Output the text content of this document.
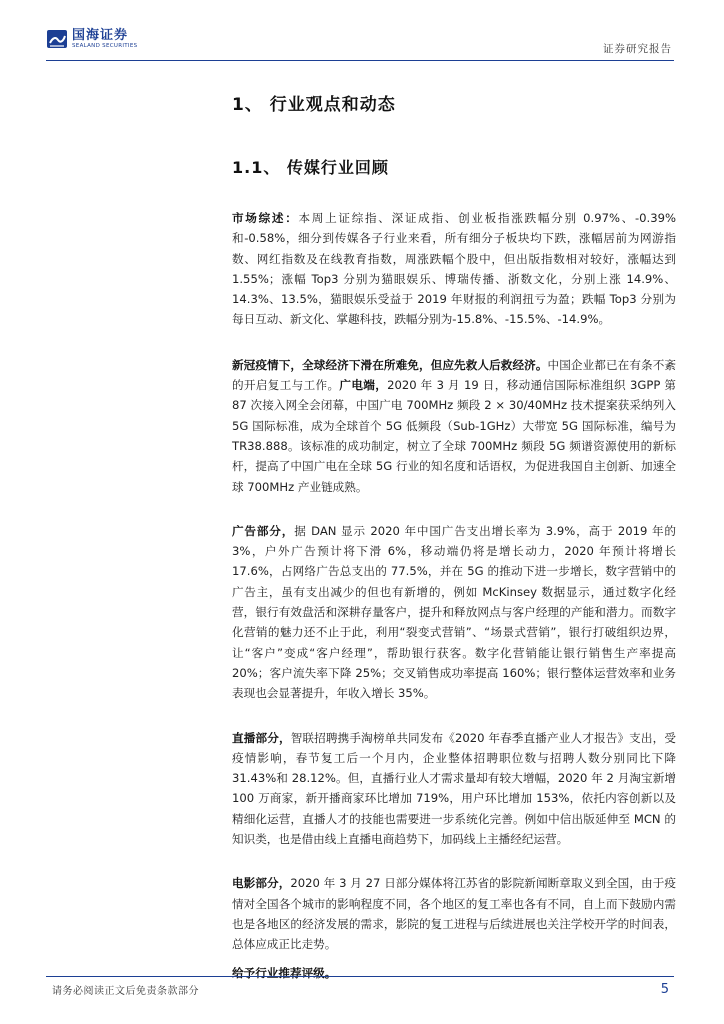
国海证券
SEALAND SECURITIES	证券研究报告
1、 行业观点和动态
1.1、 传媒行业回顾

市场综述：本周上证综指、深证成指、创业板指涨跌幅分别 0.97%、-0.39%和-0.58%，细分到传媒各子行业来看，所有细分子板块均下跌，涨幅居前为网游指数、网红指数及在线教育指数，周涨跌幅个股中，但出版指数相对较好，涨幅达到 1.55%；涨幅 Top3 分别为猫眼娱乐、博瑞传播、浙数文化，分别上涨 14.9%、14.3%、13.5%，猫眼娱乐受益于 2019 年财报的利润扭亏为盈；跌幅 Top3 分别为每日互动、新文化、掌趣科技，跌幅分别为-15.8%、-15.5%、-14.9%。

新冠疫情下，全球经济下滑在所难免，但应先救人后救经济。中国企业都已在有条不紊的开启复工与工作。广电端，2020 年 3 月 19 日，移动通信国际标准组织 3GPP 第 87 次接入网全会闭幕，中国广电 700MHz 频段 2 × 30/40MHz 技术提案获采纳列入 5G 国际标准，成为全球首个 5G 低频段（Sub-1GHz）大带宽 5G 国际标准，编号为 TR38.888。该标准的成功制定，树立了全球 700MHz 频段 5G 频谱资源使用的新标杆，提高了中国广电在全球 5G 行业的知名度和话语权，为促进我国自主创新、加速全球 700MHz 产业链成熟。

广告部分，据 DAN 显示 2020 年中国广告支出增长率为 3.9%，高于 2019 年的 3%，户外广告预计将下滑 6%，移动端仍将是增长动力，2020 年预计将增长 17.6%，占网络广告总支出的 77.5%，并在 5G 的推动下进一步增长，数字营销中的广告主，虽有支出减少的但也有新增的，例如 McKinsey 数据显示，通过数字化经营，银行有效盘活和深耕存量客户，提升和释放网点与客户经理的产能和潜力。而数字化营销的魅力还不止于此，利用“裂变式营销”、“场景式营销”，银行打破组织边界，让“客户”变成“客户经理”，帮助银行获客。数字化营销能让银行销售生产率提高 20%；客户流失率下降 25%；交叉销售成功率提高 160%；银行整体运营效率和业务表现也会显著提升，年收入增长 35%。

直播部分，智联招聘携手淘榜单共同发布《2020 年春季直播产业人才报告》支出，受疫情影响，春节复工后一个月内，企业整体招聘职位数与招聘人数分别同比下降 31.43%和 28.12%。但，直播行业人才需求量却有较大增幅，2020 年 2 月淘宝新增 100 万商家，新开播商家环比增加 719%，用户环比增加 153%，依托内容创新以及精细化运营，直播人才的技能也需要进一步系统化完善。例如中信出版延伸至 MCN 的知识类，也是借由线上直播电商趋势下，加码线上主播经纪运营。

电影部分，2020 年 3 月 27 日部分媒体将江苏省的影院新闻断章取义到全国，由于疫情对全国各个城市的影响程度不同，各个地区的复工率也各有不同，自上而下鼓励内需也是各地区的经济发展的需求，影院的复工进程与后续进展也关注学校开学的时间表，总体应成正比走势。

给予行业推荐评级。

请务必阅读正文后免责条款部分	5
